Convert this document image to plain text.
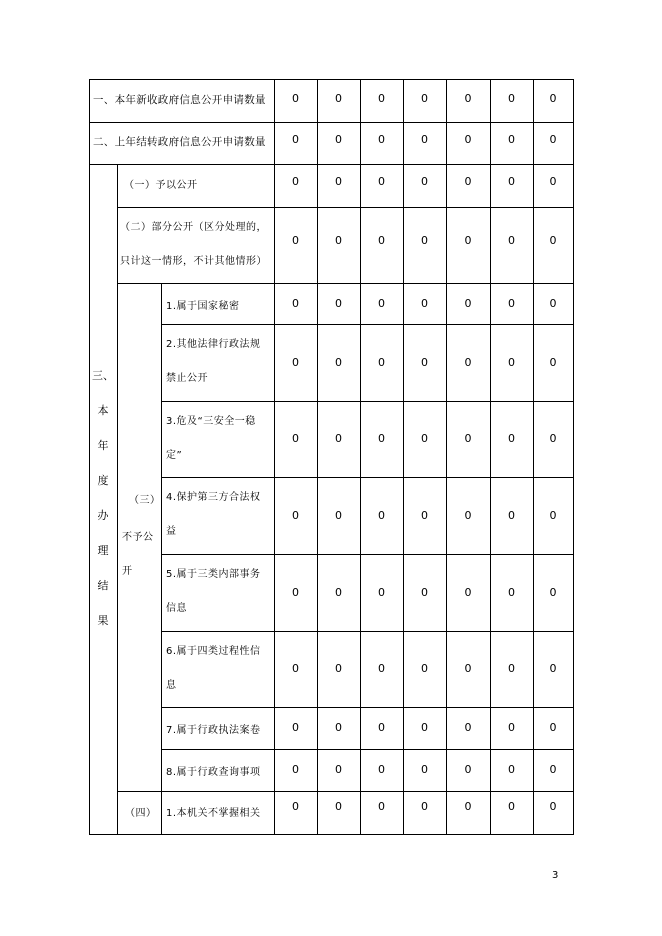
一、本年新收政府信息公开申请数量	0	0	0	0	0	0	0
二、上年结转政府信息公开申请数量	0	0	0	0	0	0	0
（一）予以公开	0	0	0	0	0	0	0
（二）部分公开（区分处理的，
只计这一情形，不计其他情形）
0	0	0	0	0	0	0
三、
本
年
度
办
理
结
果
（三）
不予公
开
1.属于国家秘密	0	0	0	0	0	0	0
2.其他法律行政法规
禁止公开
0	0	0	0	0	0	0
3.危及“三安全一稳
定”
0	0	0	0	0	0	0
4.保护第三方合法权
益
0	0	0	0	0	0	0
5.属于三类内部事务
信息
0	0	0	0	0	0	0
6.属于四类过程性信
息
0	0	0	0	0	0	0
7.属于行政执法案卷	0	0	0	0	0	0	0
8.属于行政查询事项	0	0	0	0	0	0	0
（四） 1.本机关不掌握相关
0	0	0	0	0	0	0
3
